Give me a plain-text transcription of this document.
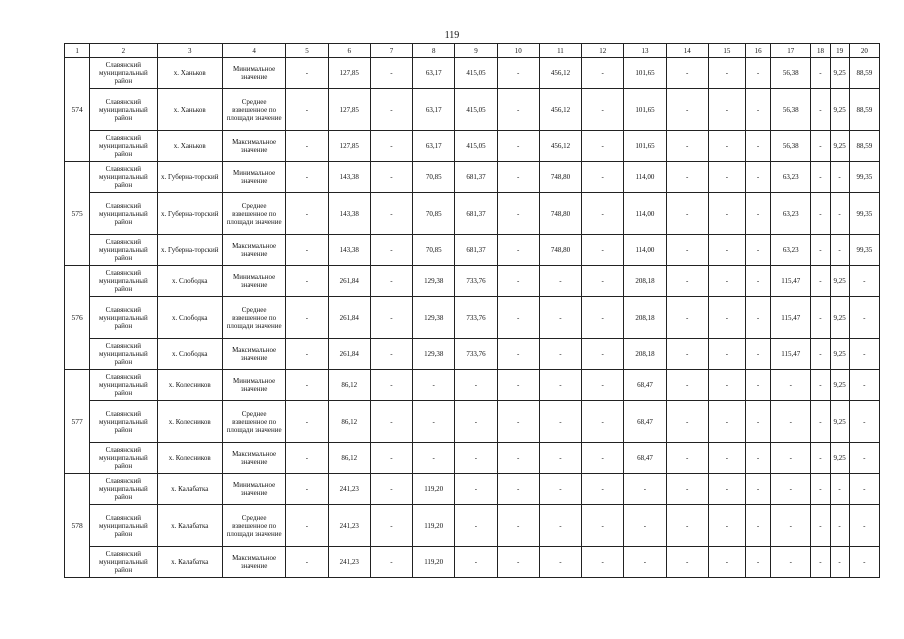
119
1	2	3	4	5	6	7	8	9	10	11	12	13	14	15	16	17	18	19	20
574	Славянский муниципальный район	х. Ханьков	Минимальное значение	-	127,85	-	63,17	415,05	-	456,12	-	101,65	-	-	-	56,38	-	9,25	88,59
	Славянский муниципальный район	х. Ханьков	Среднее взвешенное по площади значение	-	127,85	-	63,17	415,05	-	456,12	-	101,65	-	-	-	56,38	-	9,25	88,59
	Славянский муниципальный район	х. Ханьков	Максимальное значение	-	127,85	-	63,17	415,05	-	456,12	-	101,65	-	-	-	56,38	-	9,25	88,59
575	Славянский муниципальный район	х. Губерна-торский	Минимальное значение	-	143,38	-	70,85	681,37	-	748,80	-	114,00	-	-	-	63,23	-	-	99,35
	Славянский муниципальный район	х. Губерна-торский	Среднее взвешенное по площади значение	-	143,38	-	70,85	681,37	-	748,80	-	114,00	-	-	-	63,23	-	-	99,35
	Славянский муниципальный район	х. Губерна-торский	Максимальное значение	-	143,38	-	70,85	681,37	-	748,80	-	114,00	-	-	-	63,23	-	-	99,35
576	Славянский муниципальный район	х. Слободка	Минимальное значение	-	261,84	-	129,38	733,76	-	-	-	208,18	-	-	-	115,47	-	9,25	-
	Славянский муниципальный район	х. Слободка	Среднее взвешенное по площади значение	-	261,84	-	129,38	733,76	-	-	-	208,18	-	-	-	115,47	-	9,25	-
	Славянский муниципальный район	х. Слободка	Максимальное значение	-	261,84	-	129,38	733,76	-	-	-	208,18	-	-	-	115,47	-	9,25	-
577	Славянский муниципальный район	х. Колесников	Минимальное значение	-	86,12	-	-	-	-	-	-	68,47	-	-	-	-	-	9,25	-
	Славянский муниципальный район	х. Колесников	Среднее взвешенное по площади значение	-	86,12	-	-	-	-	-	-	68,47	-	-	-	-	-	9,25	-
	Славянский муниципальный район	х. Колесников	Максимальное значение	-	86,12	-	-	-	-	-	-	68,47	-	-	-	-	-	9,25	-
578	Славянский муниципальный район	х. Калабатка	Минимальное значение	-	241,23	-	119,20	-	-	-	-	-	-	-	-	-	-	-	-
	Славянский муниципальный район	х. Калабатка	Среднее взвешенное по площади значение	-	241,23	-	119,20	-	-	-	-	-	-	-	-	-	-	-	-
	Славянский муниципальный район	х. Калабатка	Максимальное значение	-	241,23	-	119,20	-	-	-	-	-	-	-	-	-	-	-	-
